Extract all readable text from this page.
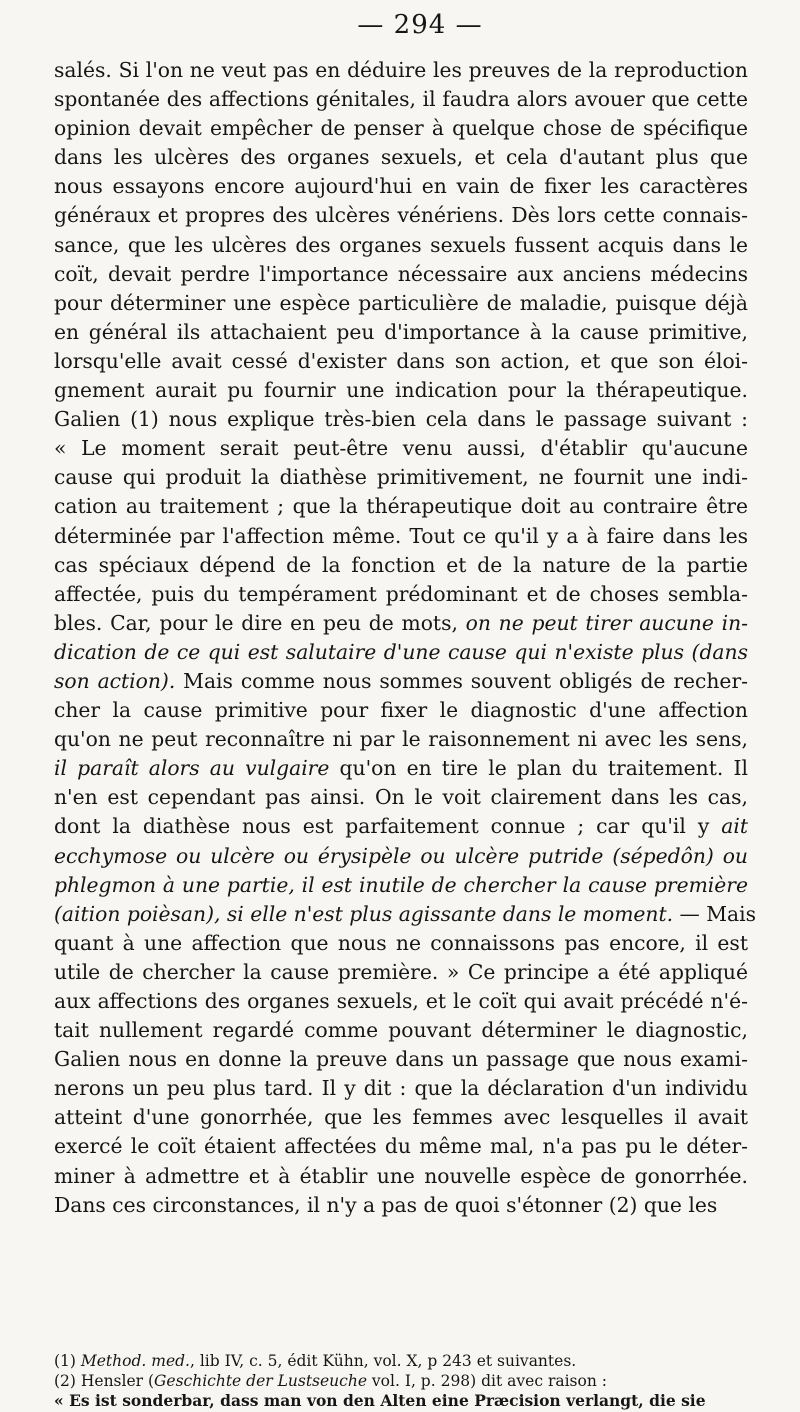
— 294 —
salés. Si l'on ne veut pas en déduire les preuves de la reproduction
spontanée des affections génitales, il faudra alors avouer que cette
opinion devait empêcher de penser à quelque chose de spécifique
dans les ulcères des organes sexuels, et cela d'autant plus que
nous essayons encore aujourd'hui en vain de fixer les caractères
généraux et propres des ulcères vénériens. Dès lors cette connais-
sance, que les ulcères des organes sexuels fussent acquis dans le
coït, devait perdre l'importance nécessaire aux anciens médecins
pour déterminer une espèce particulière de maladie, puisque déjà
en général ils attachaient peu d'importance à la cause primitive,
lorsqu'elle avait cessé d'exister dans son action, et que son éloi-
gnement aurait pu fournir une indication pour la thérapeutique.
Galien (1) nous explique très-bien cela dans le passage suivant :
« Le moment serait peut-être venu aussi, d'établir qu'aucune
cause qui produit la diathèse primitivement, ne fournit une indi-
cation au traitement ; que la thérapeutique doit au contraire être
déterminée par l'affection même. Tout ce qu'il y a à faire dans les
cas spéciaux dépend de la fonction et de la nature de la partie
affectée, puis du tempérament prédominant et de choses sembla-
bles. Car, pour le dire en peu de mots, on ne peut tirer aucune in-
dication de ce qui est salutaire d'une cause qui n'existe plus (dans
son action). Mais comme nous sommes souvent obligés de recher-
cher la cause primitive pour fixer le diagnostic d'une affection
qu'on ne peut reconnaître ni par le raisonnement ni avec les sens,
il paraît alors au vulgaire qu'on en tire le plan du traitement. Il
n'en est cependant pas ainsi. On le voit clairement dans les cas,
dont la diathèse nous est parfaitement connue ; car qu'il y ait
ecchymose ou ulcère ou érysipèle ou ulcère putride (sépedôn) ou
phlegmon à une partie, il est inutile de chercher la cause première
(aition poièsan), si elle n'est plus agissante dans le moment. — Mais
quant à une affection que nous ne connaissons pas encore, il est
utile de chercher la cause première. » Ce principe a été appliqué
aux affections des organes sexuels, et le coït qui avait précédé n'é-
tait nullement regardé comme pouvant déterminer le diagnostic,
Galien nous en donne la preuve dans un passage que nous exami-
nerons un peu plus tard. Il y dit : que la déclaration d'un individu
atteint d'une gonorrhée, que les femmes avec lesquelles il avait
exercé le coït étaient affectées du même mal, n'a pas pu le déter-
miner à admettre et à établir une nouvelle espèce de gonorrhée.
Dans ces circonstances, il n'y a pas de quoi s'étonner (2) que les
(1) Method. med., lib IV, c. 5, édit Kühn, vol. X, p 243 et suivantes.
(2) Hensler (Geschichte der Lustseuche vol. I, p. 298) dit avec raison :
« Es ist sonderbar, dass man von den Alten eine Præcision verlangt, die sie
